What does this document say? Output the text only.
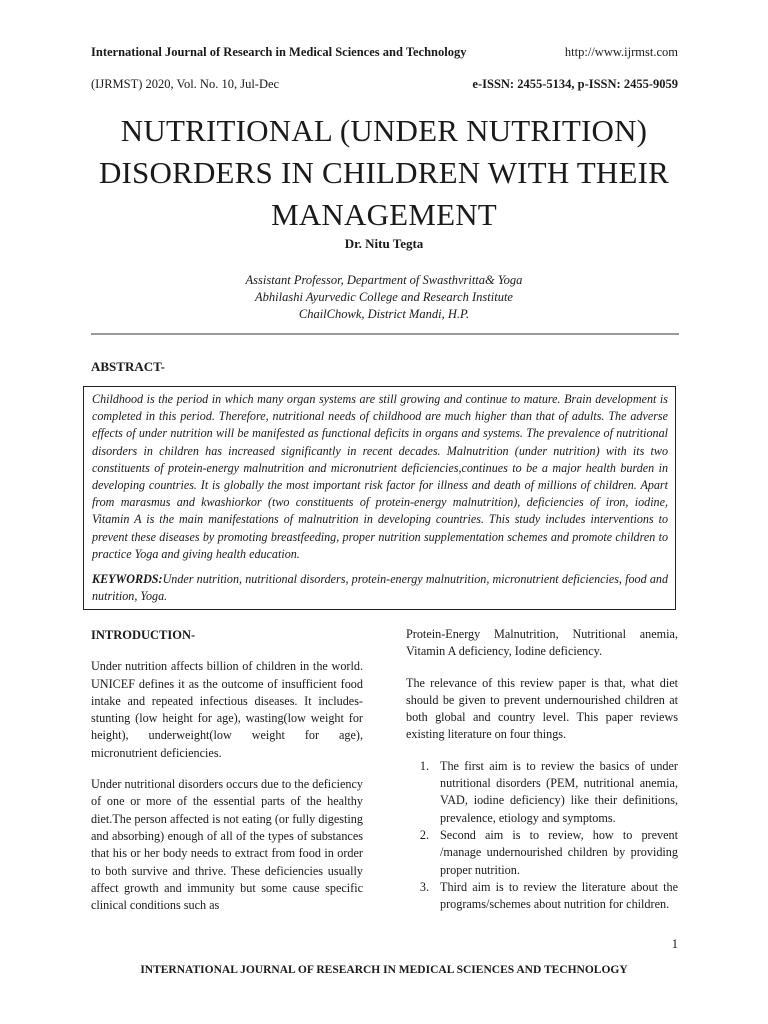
International Journal of Research in Medical Sciences and Technology	http://www.ijrmst.com
(IJRMST) 2020, Vol. No. 10, Jul-Dec	e-ISSN: 2455-5134, p-ISSN: 2455-9059
NUTRITIONAL (UNDER NUTRITION) DISORDERS IN CHILDREN WITH THEIR MANAGEMENT
Dr. Nitu Tegta
Assistant Professor, Department of Swasthvritta& Yoga
Abhilashi Ayurvedic College and Research Institute
ChailChowk, District Mandi, H.P.
ABSTRACT-

Childhood is the period in which many organ systems are still growing and continue to mature. Brain development is completed in this period. Therefore, nutritional needs of childhood are much higher than that of adults. The adverse effects of under nutrition will be manifested as functional deficits in organs and systems. The prevalence of nutritional disorders in children has increased significantly in recent decades. Malnutrition (under nutrition) with its two constituents of protein-energy malnutrition and micronutrient deficiencies,continues to be a major health burden in developing countries. It is globally the most important risk factor for illness and death of millions of children. Apart from marasmus and kwashiorkor (two constituents of protein-energy malnutrition), deficiencies of iron, iodine, Vitamin A is the main manifestations of malnutrition in developing countries. This study includes interventions to prevent these diseases by promoting breastfeeding, proper nutrition supplementation schemes and promote children to practice Yoga and giving health education.

KEYWORDS:Under nutrition, nutritional disorders, protein-energy malnutrition, micronutrient deficiencies, food and nutrition, Yoga.

INTRODUCTION-

Under nutrition affects billion of children in the world. UNICEF defines it as the outcome of insufficient food intake and repeated infectious diseases. It includes- stunting (low height for age), wasting(low weight for height), underweight(low weight for age), micronutrient deficiencies.

Under nutritional disorders occurs due to the deficiency of one or more of the essential parts of the healthy diet.The person affected is not eating (or fully digesting and absorbing) enough of all of the types of substances that his or her body needs to extract from food in order to both survive and thrive. These deficiencies usually affect growth and immunity but some cause specific clinical conditions such as

Protein-Energy Malnutrition, Nutritional anemia, Vitamin A deficiency, Iodine deficiency.

The relevance of this review paper is that, what diet should be given to prevent undernourished children at both global and country level. This paper reviews existing literature on four things.

1. The first aim is to review the basics of under nutritional disorders (PEM, nutritional anemia, VAD, iodine deficiency) like their definitions, prevalence, etiology and symptoms.
2. Second aim is to review, how to prevent /manage undernourished children by providing proper nutrition.
3. Third aim is to review the literature about the programs/schemes about nutrition for children.
1
INTERNATIONAL JOURNAL OF RESEARCH IN MEDICAL SCIENCES AND TECHNOLOGY
